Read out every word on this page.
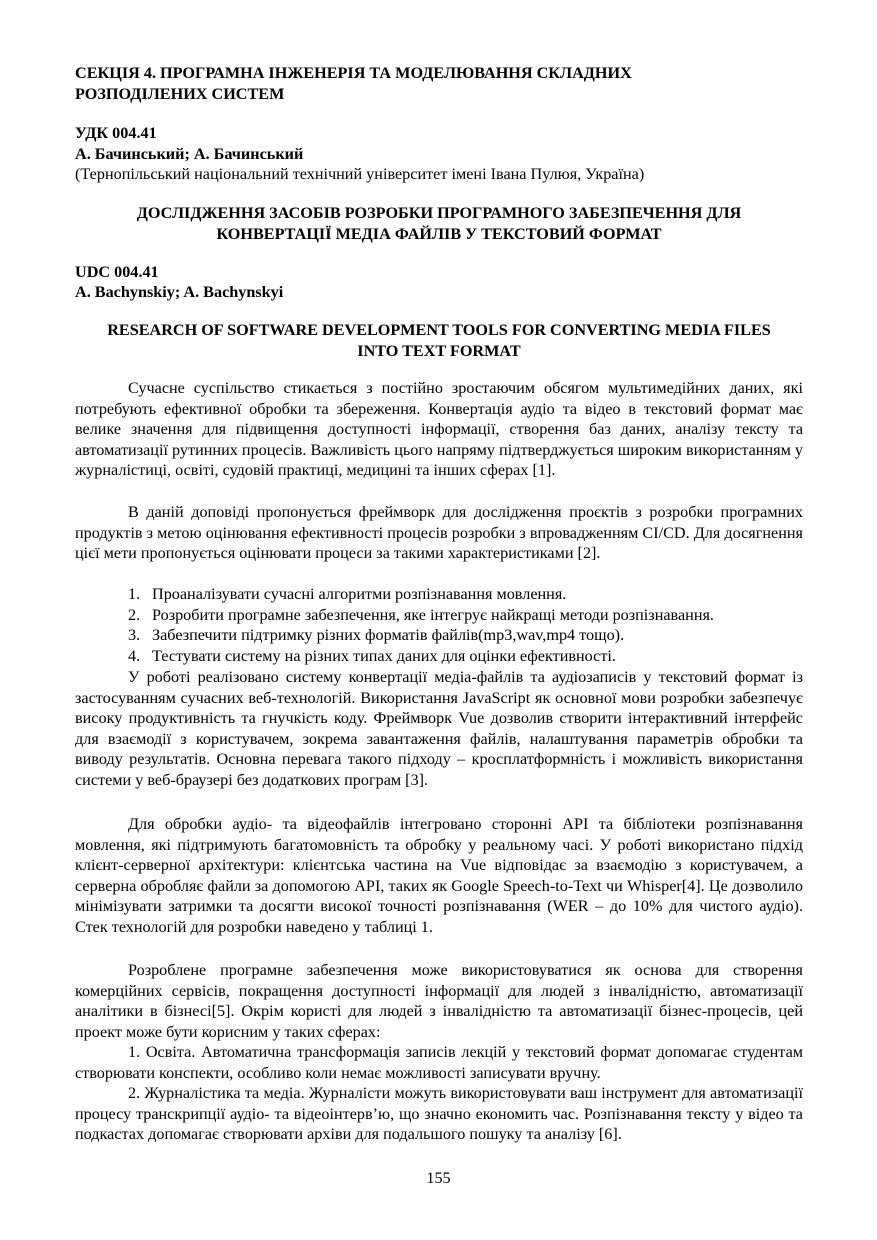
СЕКЦІЯ 4. ПРОГРАМНА ІНЖЕНЕРІЯ ТА МОДЕЛЮВАННЯ СКЛАДНИХ

РОЗПОДІЛЕНИХ СИСТЕМ

УДК 004.41

А. Бачинський; А. Бачинський

(Тернопільський національний технічний університет імені Івана Пулюя, Україна)

ДОСЛІДЖЕННЯ ЗАСОБІВ РОЗРОБКИ ПРОГРАМНОГО ЗАБЕЗПЕЧЕННЯ ДЛЯ

КОНВЕРТАЦІЇ МЕДІА ФАЙЛІВ У ТЕКСТОВИЙ ФОРМАТ

UDC 004.41

A. Bachynskiy; A. Bachynskyi

RESEARCH OF SOFTWARE DEVELOPMENT TOOLS FOR CONVERTING MEDIA FILES

INTO TEXT FORMAT

Сучасне суспільство стикається з постійно зростаючим обсягом мультимедійних даних, які потребують ефективної обробки та збереження. Конвертація аудіо та відео в текстовий формат має велике значення для підвищення доступності інформації, створення баз даних, аналізу тексту та автоматизації рутинних процесів. Важливість цього напряму підтверджується широким використанням у журналістиці, освіті, судовій практиці, медицині та інших сферах [1].

В даній доповіді пропонується фреймворк для дослідження проєктів з розробки програмних продуктів з метою оцінювання ефективності процесів розробки з впровадженням CI/CD. Для досягнення цієї мети пропонується оцінювати процеси за такими характеристиками [2].

1. Проаналізувати сучасні алгоритми розпізнавання мовлення.
2. Розробити програмне забезпечення, яке інтегрує найкращі методи розпізнавання.
3. Забезпечити підтримку різних форматів файлів(mp3,wav,mp4 тощо).
4. Тестувати систему на різних типах даних для оцінки ефективності.

У роботі реалізовано систему конвертації медіа-файлів та аудіозаписів у текстовий формат із застосуванням сучасних веб-технологій. Використання JavaScript як основної мови розробки забезпечує високу продуктивність та гнучкість коду. Фреймворк Vue дозволив створити інтерактивний інтерфейс для взаємодії з користувачем, зокрема завантаження файлів, налаштування параметрів обробки та виводу результатів. Основна перевага такого підходу – кросплатформність і можливість використання системи у веб-браузері без додаткових програм [3].

Для обробки аудіо- та відеофайлів інтегровано сторонні API та бібліотеки розпізнавання мовлення, які підтримують багатомовність та обробку у реальному часі. У роботі використано підхід клієнт-серверної архітектури: клієнтська частина на Vue відповідає за взаємодію з користувачем, а серверна обробляє файли за допомогою API, таких як Google Speech-to-Text чи Whisper[4]. Це дозволило мінімізувати затримки та досягти високої точності розпізнавання (WER – до 10% для чистого аудіо). Стек технологій для розробки наведено у таблиці 1.

Розроблене програмне забезпечення може використовуватися як основа для створення комерційних сервісів, покращення доступності інформації для людей з інвалідністю, автоматизації аналітики в бізнесі[5]. Окрім користі для людей з інвалідністю та автоматизації бізнес-процесів, цей проект може бути корисним у таких сферах:

1. Освіта. Автоматична трансформація записів лекцій у текстовий формат допомагає студентам створювати конспекти, особливо коли немає можливості записувати вручну.

2. Журналістика та медіа. Журналісти можуть використовувати ваш інструмент для автоматизації процесу транскрипції аудіо- та відеоінтерв’ю, що значно економить час. Розпізнавання тексту у відео та подкастах допомагає створювати архіви для подальшого пошуку та аналізу [6].

155
